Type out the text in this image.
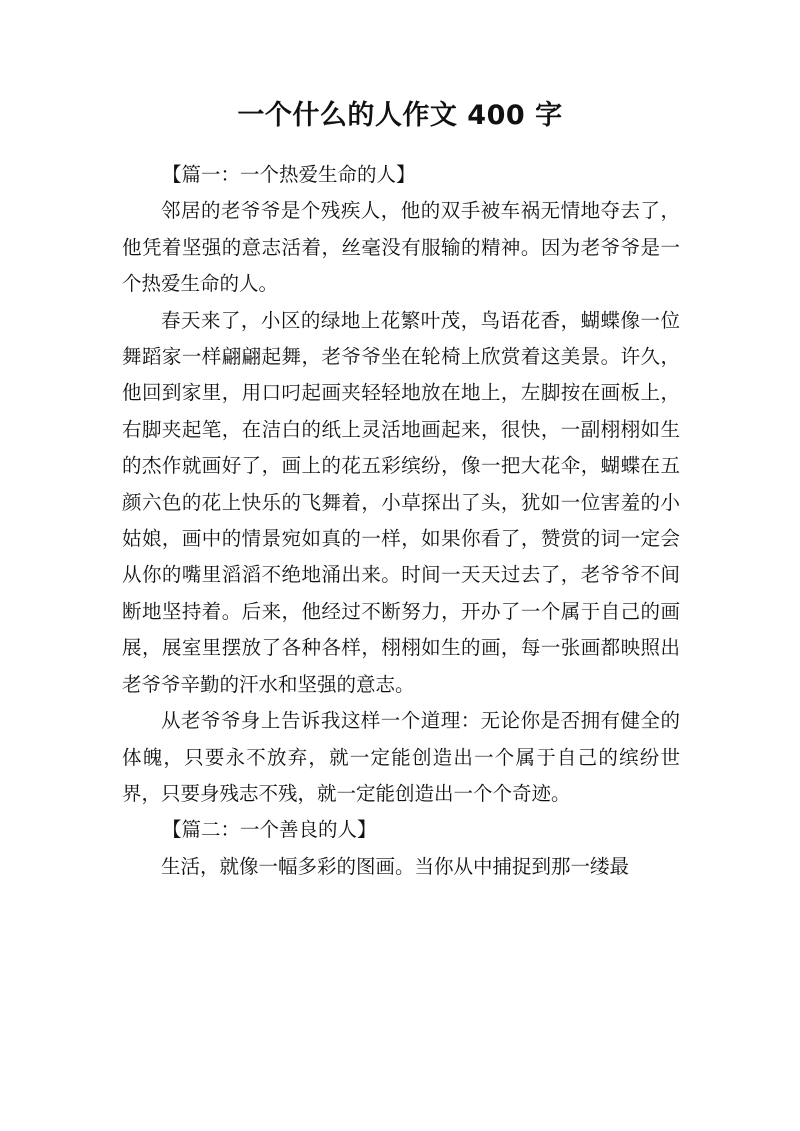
一个什么的人作文 400 字

【篇一：一个热爱生命的人】

邻居的老爷爷是个残疾人，他的双手被车祸无情地夺去了，他凭着坚强的意志活着，丝毫没有服输的精神。因为老爷爷是一个热爱生命的人。

春天来了，小区的绿地上花繁叶茂，鸟语花香，蝴蝶像一位舞蹈家一样翩翩起舞，老爷爷坐在轮椅上欣赏着这美景。许久，他回到家里，用口叼起画夹轻轻地放在地上，左脚按在画板上，右脚夹起笔，在洁白的纸上灵活地画起来，很快，一副栩栩如生的杰作就画好了，画上的花五彩缤纷，像一把大花伞，蝴蝶在五颜六色的花上快乐的飞舞着，小草探出了头，犹如一位害羞的小姑娘，画中的情景宛如真的一样，如果你看了，赞赏的词一定会从你的嘴里滔滔不绝地涌出来。时间一天天过去了，老爷爷不间断地坚持着。后来，他经过不断努力，开办了一个属于自己的画展，展室里摆放了各种各样，栩栩如生的画，每一张画都映照出老爷爷辛勤的汗水和坚强的意志。

从老爷爷身上告诉我这样一个道理：无论你是否拥有健全的体魄，只要永不放弃，就一定能创造出一个属于自己的缤纷世界，只要身残志不残，就一定能创造出一个个奇迹。

【篇二：一个善良的人】

生活，就像一幅多彩的图画。当你从中捕捉到那一缕最
